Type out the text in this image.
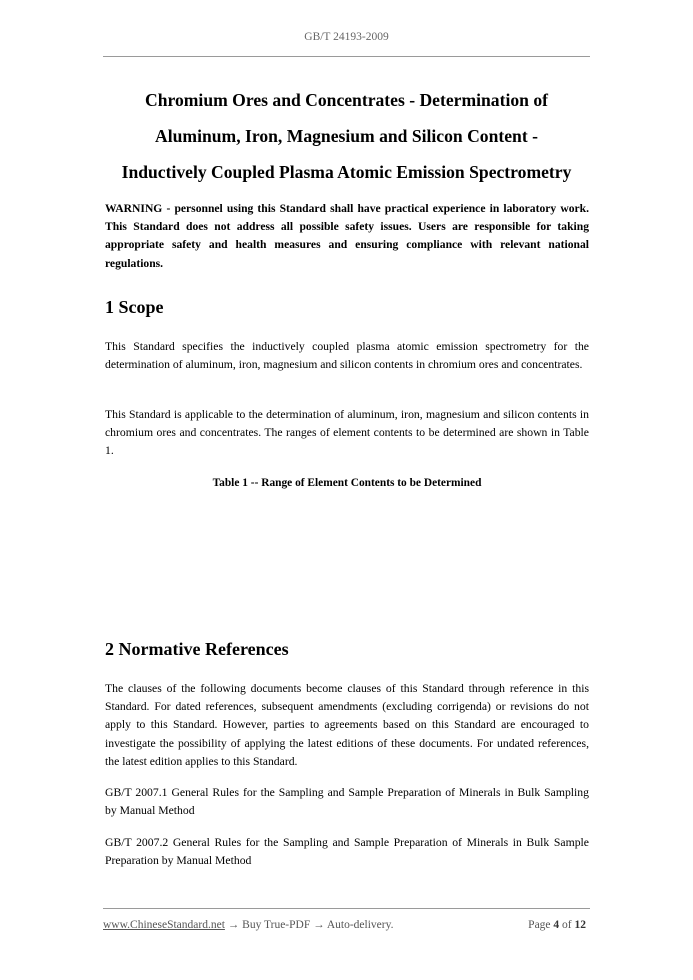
GB/T 24193-2009
Chromium Ores and Concentrates - Determination of
Aluminum, Iron, Magnesium and Silicon Content -
Inductively Coupled Plasma Atomic Emission Spectrometry

WARNING - personnel using this Standard shall have practical experience in laboratory work. This Standard does not address all possible safety issues. Users are responsible for taking appropriate safety and health measures and ensuring compliance with relevant national regulations.

1 Scope

This Standard specifies the inductively coupled plasma atomic emission spectrometry for the determination of aluminum, iron, magnesium and silicon contents in chromium ores and concentrates.

This Standard is applicable to the determination of aluminum, iron, magnesium and silicon contents in chromium ores and concentrates. The ranges of element contents to be determined are shown in Table 1.

Table 1 -- Range of Element Contents to be Determined

2 Normative References

The clauses of the following documents become clauses of this Standard through reference in this Standard. For dated references, subsequent amendments (excluding corrigenda) or revisions do not apply to this Standard. However, parties to agreements based on this Standard are encouraged to investigate the possibility of applying the latest editions of these documents. For undated references, the latest edition applies to this Standard.

GB/T 2007.1 General Rules for the Sampling and Sample Preparation of Minerals in Bulk Sampling by Manual Method

GB/T 2007.2 General Rules for the Sampling and Sample Preparation of Minerals in Bulk Sample Preparation by Manual Method

www.ChineseStandard.net → Buy True-PDF → Auto-delivery.	Page 4 of 12
